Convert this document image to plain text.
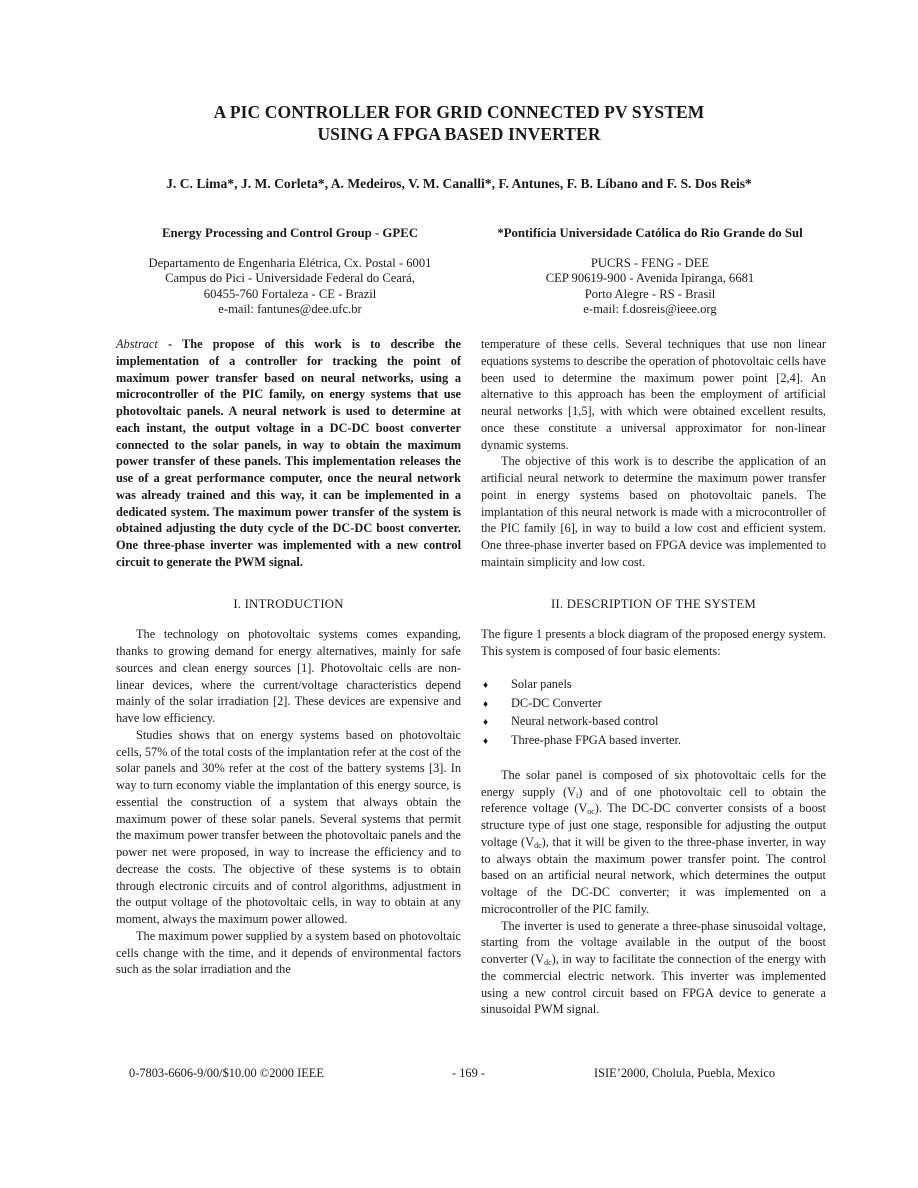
A PIC CONTROLLER FOR GRID CONNECTED PV SYSTEM
USING A FPGA BASED INVERTER
J. C. Lima*, J. M. Corleta*, A. Medeiros, V. M. Canalli*, F. Antunes, F. B. Líbano and F. S. Dos Reis*
Energy Processing and Control Group - GPEC
Departamento de Engenharia Elétrica, Cx. Postal - 6001
Campus do Pici - Universidade Federal do Ceará,
60455-760 Fortaleza - CE - Brazil
e-mail: fantunes@dee.ufc.br
*Pontifícia Universidade Católica do Rio Grande do Sul
PUCRS - FENG - DEE
CEP 90619-900 - Avenida Ipiranga, 6681
Porto Alegre - RS - Brasil
e-mail: f.dosreis@ieee.org

Abstract - The propose of this work is to describe the implementation of a controller for tracking the point of maximum power transfer based on neural networks, using a microcontroller of the PIC family, on energy systems that use photovoltaic panels. A neural network is used to determine at each instant, the output voltage in a DC-DC boost converter connected to the solar panels, in way to obtain the maximum power transfer of these panels. This implementation releases the use of a great performance computer, once the neural network was already trained and this way, it can be implemented in a dedicated system. The maximum power transfer of the system is obtained adjusting the duty cycle of the DC-DC boost converter. One three-phase inverter was implemented with a new control circuit to generate the PWM signal.

I. INTRODUCTION

The technology on photovoltaic systems comes expanding, thanks to growing demand for energy alternatives, mainly for safe sources and clean energy sources [1]. Photovoltaic cells are non-linear devices, where the current/voltage characteristics depend mainly of the solar irradiation [2]. These devices are expensive and have low efficiency.

Studies shows that on energy systems based on photovoltaic cells, 57% of the total costs of the implantation refer at the cost of the solar panels and 30% refer at the cost of the battery systems [3]. In way to turn economy viable the implantation of this energy source, is essential the construction of a system that always obtain the maximum power of these solar panels. Several systems that permit the maximum power transfer between the photovoltaic panels and the power net were proposed, in way to increase the efficiency and to decrease the costs. The objective of these systems is to obtain through electronic circuits and of control algorithms, adjustment in the output voltage of the photovoltaic cells, in way to obtain at any moment, always the maximum power allowed.

The maximum power supplied by a system based on photovoltaic cells change with the time, and it depends of environmental factors such as the solar irradiation and the

temperature of these cells. Several techniques that use non linear equations systems to describe the operation of photovoltaic cells have been used to determine the maximum power point [2,4]. An alternative to this approach has been the employment of artificial neural networks [1,5], with which were obtained excellent results, once these constitute a universal approximator for non-linear dynamic systems.

The objective of this work is to describe the application of an artificial neural network to determine the maximum power transfer point in energy systems based on photovoltaic panels. The implantation of this neural network is made with a microcontroller of the PIC family [6], in way to build a low cost and efficient system. One three-phase inverter based on FPGA device was implemented to maintain simplicity and low cost.

II. DESCRIPTION OF THE SYSTEM

The figure 1 presents a block diagram of the proposed energy system. This system is composed of four basic elements:

♦	Solar panels
♦	DC-DC Converter
♦	Neural network-based control
♦	Three-phase FPGA based inverter.

The solar panel is composed of six photovoltaic cells for the energy supply $(V_i)$ and of one photovoltaic cell to obtain the reference voltage $(V_{oc})$. The DC-DC converter consists of a boost structure type of just one stage, responsible for adjusting the output voltage $(V_{dc})$, that it will be given to the three-phase inverter, in way to always obtain the maximum power transfer point. The control based on an artificial neural network, which determines the output voltage of the DC-DC converter; it was implemented on a microcontroller of the PIC family.

The inverter is used to generate a three-phase sinusoidal voltage, starting from the voltage available in the output of the boost converter $(V_{dc})$, in way to facilitate the connection of the energy with the commercial electric network. This inverter was implemented using a new control circuit based on FPGA device to generate a sinusoidal PWM signal.

0-7803-6606-9/00/$10.00 ©2000 IEEE	- 169 -	ISIE’2000, Cholula, Puebla, Mexico
